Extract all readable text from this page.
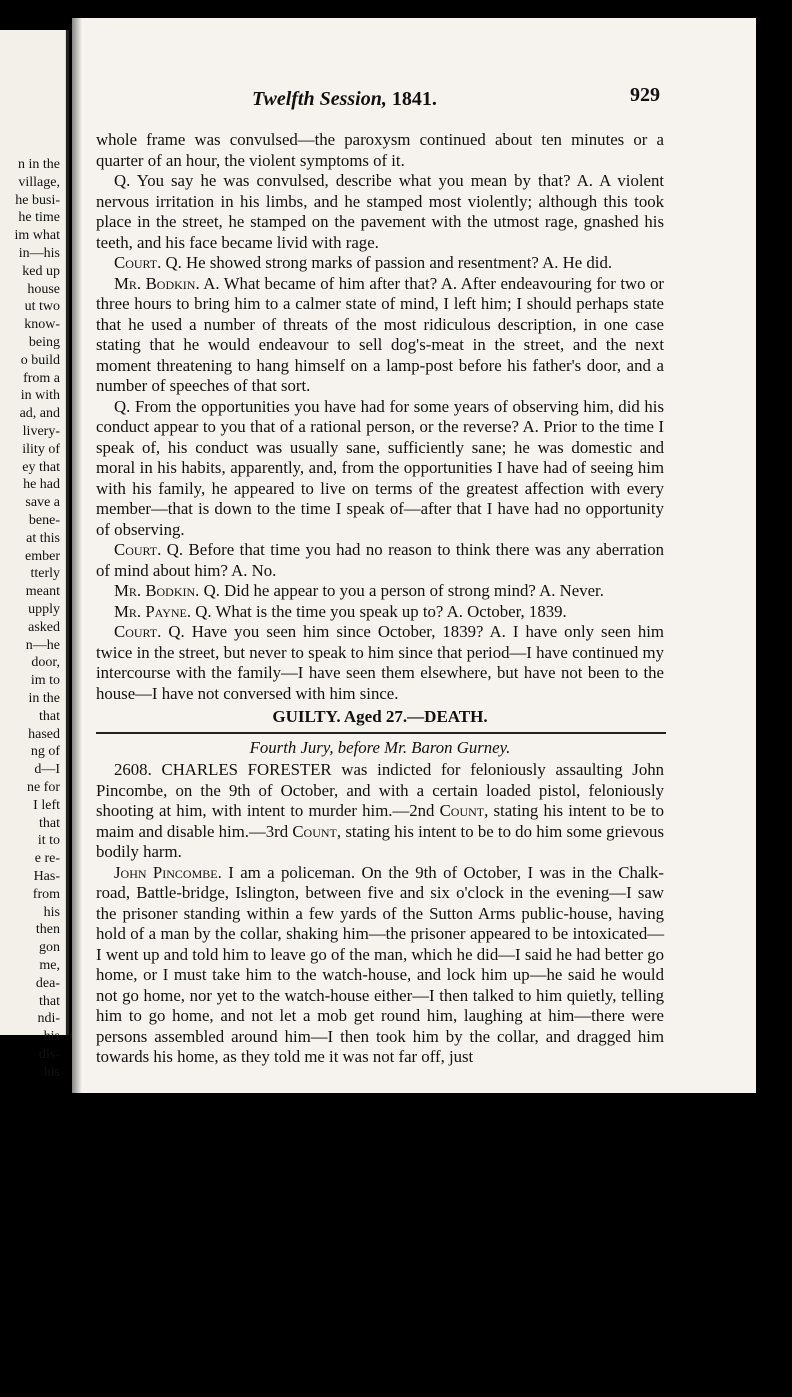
n in the
village,
he busi-
he time
im what
in—his
ked up
house
ut two
know-
being
o build
from a
in with
ad, and
livery-
ility of
ey that
he had
save a
bene-
at this
ember
tterly
meant
upply
asked
n—he
door,
im to
in the
that
hased
ng of
d—I
ne for
I left
that
it to
e re-
Has-
from
his
then
gon
me,
dea-
that
ndi-
his
dis-
his
Twelfth Session, 1841.	929

whole frame was convulsed—the paroxysm continued about ten minutes or a quarter of an hour, the violent symptoms of it.

Q. You say he was convulsed, describe what you mean by that? A. A violent nervous irritation in his limbs, and he stamped most violently; although this took place in the street, he stamped on the pavement with the utmost rage, gnashed his teeth, and his face became livid with rage.

Court. Q. He showed strong marks of passion and resentment? A. He did.

Mr. Bodkin. A. What became of him after that? A. After endeavouring for two or three hours to bring him to a calmer state of mind, I left him; I should perhaps state that he used a number of threats of the most ridiculous description, in one case stating that he would endeavour to sell dog's-meat in the street, and the next moment threatening to hang himself on a lamp-post before his father's door, and a number of speeches of that sort.

Q. From the opportunities you have had for some years of observing him, did his conduct appear to you that of a rational person, or the reverse? A. Prior to the time I speak of, his conduct was usually sane, sufficiently sane; he was domestic and moral in his habits, apparently, and, from the opportunities I have had of seeing him with his family, he appeared to live on terms of the greatest affection with every member—that is down to the time I speak of—after that I have had no opportunity of observing.

Court. Q. Before that time you had no reason to think there was any aberration of mind about him? A. No.

Mr. Bodkin. Q. Did he appear to you a person of strong mind? A. Never.

Mr. Payne. Q. What is the time you speak up to? A. October, 1839.

Court. Q. Have you seen him since October, 1839? A. I have only seen him twice in the street, but never to speak to him since that period—I have continued my intercourse with the family—I have seen them elsewhere, but have not been to the house—I have not conversed with him since.

GUILTY. Aged 27.—DEATH.
Fourth Jury, before Mr. Baron Gurney.

2608. CHARLES FORESTER was indicted for feloniously assaulting John Pincombe, on the 9th of October, and with a certain loaded pistol, feloniously shooting at him, with intent to murder him.—2nd Count, stating his intent to be to maim and disable him.—3rd Count, stating his intent to be to do him some grievous bodily harm.

John Pincombe. I am a policeman. On the 9th of October, I was in the Chalk-road, Battle-bridge, Islington, between five and six o'clock in the evening—I saw the prisoner standing within a few yards of the Sutton Arms public-house, having hold of a man by the collar, shaking him—the prisoner appeared to be intoxicated—I went up and told him to leave go of the man, which he did—I said he had better go home, or I must take him to the watch-house, and lock him up—he said he would not go home, nor yet to the watch-house either—I then talked to him quietly, telling him to go home, and not let a mob get round him, laughing at him—there were persons assembled around him—I then took him by the collar, and dragged him towards his home, as they told me it was not far off, just
